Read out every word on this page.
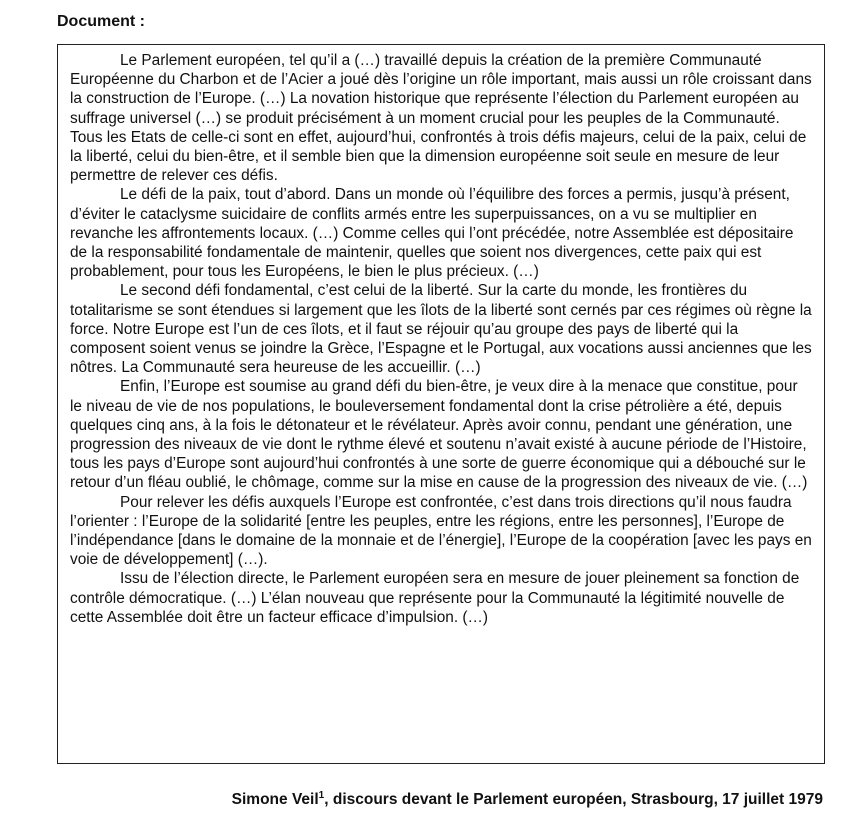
Document :

Le Parlement européen, tel qu’il a (…) travaillé depuis la création de la première Communauté Européenne du Charbon et de l’Acier a joué dès l’origine un rôle important, mais aussi un rôle croissant dans la construction de l’Europe. (…) La novation historique que représente l’élection du Parlement européen au suffrage universel (…) se produit précisément à un moment crucial pour les peuples de la Communauté. Tous les Etats de celle-ci sont en effet, aujourd’hui, confrontés à trois défis majeurs, celui de la paix, celui de la liberté, celui du bien-être, et il semble bien que la dimension européenne soit seule en mesure de leur permettre de relever ces défis.

Le défi de la paix, tout d’abord. Dans un monde où l’équilibre des forces a permis, jusqu’à présent, d’éviter le cataclysme suicidaire de conflits armés entre les superpuissances, on a vu se multiplier en revanche les affrontements locaux. (…) Comme celles qui l’ont précédée, notre Assemblée est dépositaire de la responsabilité fondamentale de maintenir, quelles que soient nos divergences, cette paix qui est probablement, pour tous les Européens, le bien le plus précieux. (…)

Le second défi fondamental, c’est celui de la liberté. Sur la carte du monde, les frontières du totalitarisme se sont étendues si largement que les îlots de la liberté sont cernés par ces régimes où règne la force. Notre Europe est l’un de ces îlots, et il faut se réjouir qu’au groupe des pays de liberté qui la composent soient venus se joindre la Grèce, l’Espagne et le Portugal, aux vocations aussi anciennes que les nôtres. La Communauté sera heureuse de les accueillir. (…)

Enfin, l’Europe est soumise au grand défi du bien-être, je veux dire à la menace que constitue, pour le niveau de vie de nos populations, le bouleversement fondamental dont la crise pétrolière a été, depuis quelques cinq ans, à la fois le détonateur et le révélateur. Après avoir connu, pendant une génération, une progression des niveaux de vie dont le rythme élevé et soutenu n’avait existé à aucune période de l’Histoire, tous les pays d’Europe sont aujourd’hui confrontés à une sorte de guerre économique qui a débouché sur le retour d’un fléau oublié, le chômage, comme sur la mise en cause de la progression des niveaux de vie. (…)

Pour relever les défis auxquels l’Europe est confrontée, c’est dans trois directions qu’il nous faudra l’orienter : l’Europe de la solidarité [entre les peuples, entre les régions, entre les personnes], l’Europe de l’indépendance [dans le domaine de la monnaie et de l’énergie], l’Europe de la coopération [avec les pays en voie de développement] (…).

Issu de l’élection directe, le Parlement européen sera en mesure de jouer pleinement sa fonction de contrôle démocratique. (…) L’élan nouveau que représente pour la Communauté la légitimité nouvelle de cette Assemblée doit être un facteur efficace d’impulsion. (…)

Simone Veil$^1$, discours devant le Parlement européen, Strasbourg, 17 juillet 1979
